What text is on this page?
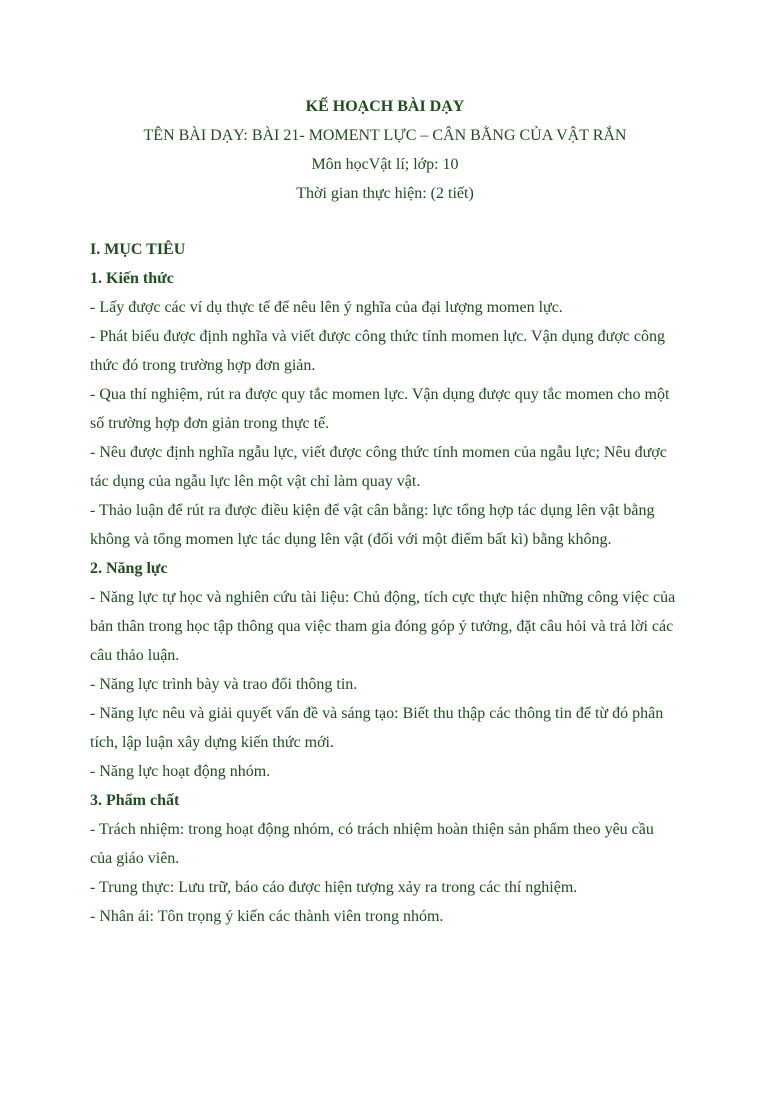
KẾ HOẠCH BÀI DẠY
TÊN BÀI DẠY: BÀI 21- MOMENT LỰC – CÂN BẰNG CỦA VẬT RẮN
Môn họcVật lí; lớp: 10
Thời gian thực hiện: (2 tiết)

I. MỤC TIÊU

1. Kiến thức

- Lấy được các ví dụ thực tế để nêu lên ý nghĩa của đại lượng momen lực.

- Phát biểu được định nghĩa và viết được công thức tính momen lực. Vận dụng được công thức đó trong trường hợp đơn giản.

- Qua thí nghiệm, rút ra được quy tắc momen lực. Vận dụng được quy tắc momen cho một số trường hợp đơn giản trong thực tế.

- Nêu được định nghĩa ngẫu lực, viết được công thức tính momen của ngẫu lực; Nêu được tác dụng của ngẫu lực lên một vật chỉ làm quay vật.

- Thảo luận để rút ra được điều kiện để vật cân bằng: lực tổng hợp tác dụng lên vật bằng không và tổng momen lực tác dụng lên vật (đối với một điểm bất kì) bằng không.

2. Năng lực

- Năng lực tự học và nghiên cứu tài liệu: Chủ động, tích cực thực hiện những công việc của bản thân trong học tập thông qua việc tham gia đóng góp ý tưởng, đặt câu hỏi và trả lời các câu thảo luận.

- Năng lực trình bày và trao đổi thông tin.

- Năng lực nêu và giải quyết vấn đề và sáng tạo: Biết thu thập các thông tin để từ đó phân tích, lập luận xây dựng kiến thức mới.

- Năng lực hoạt động nhóm.

3. Phẩm chất

- Trách nhiệm: trong hoạt động nhóm, có trách nhiệm hoàn thiện sản phẩm theo yêu cầu của giáo viên.

- Trung thực: Lưu trữ, báo cáo được hiện tượng xảy ra trong các thí nghiệm.

- Nhân ái: Tôn trọng ý kiến các thành viên trong nhóm.
